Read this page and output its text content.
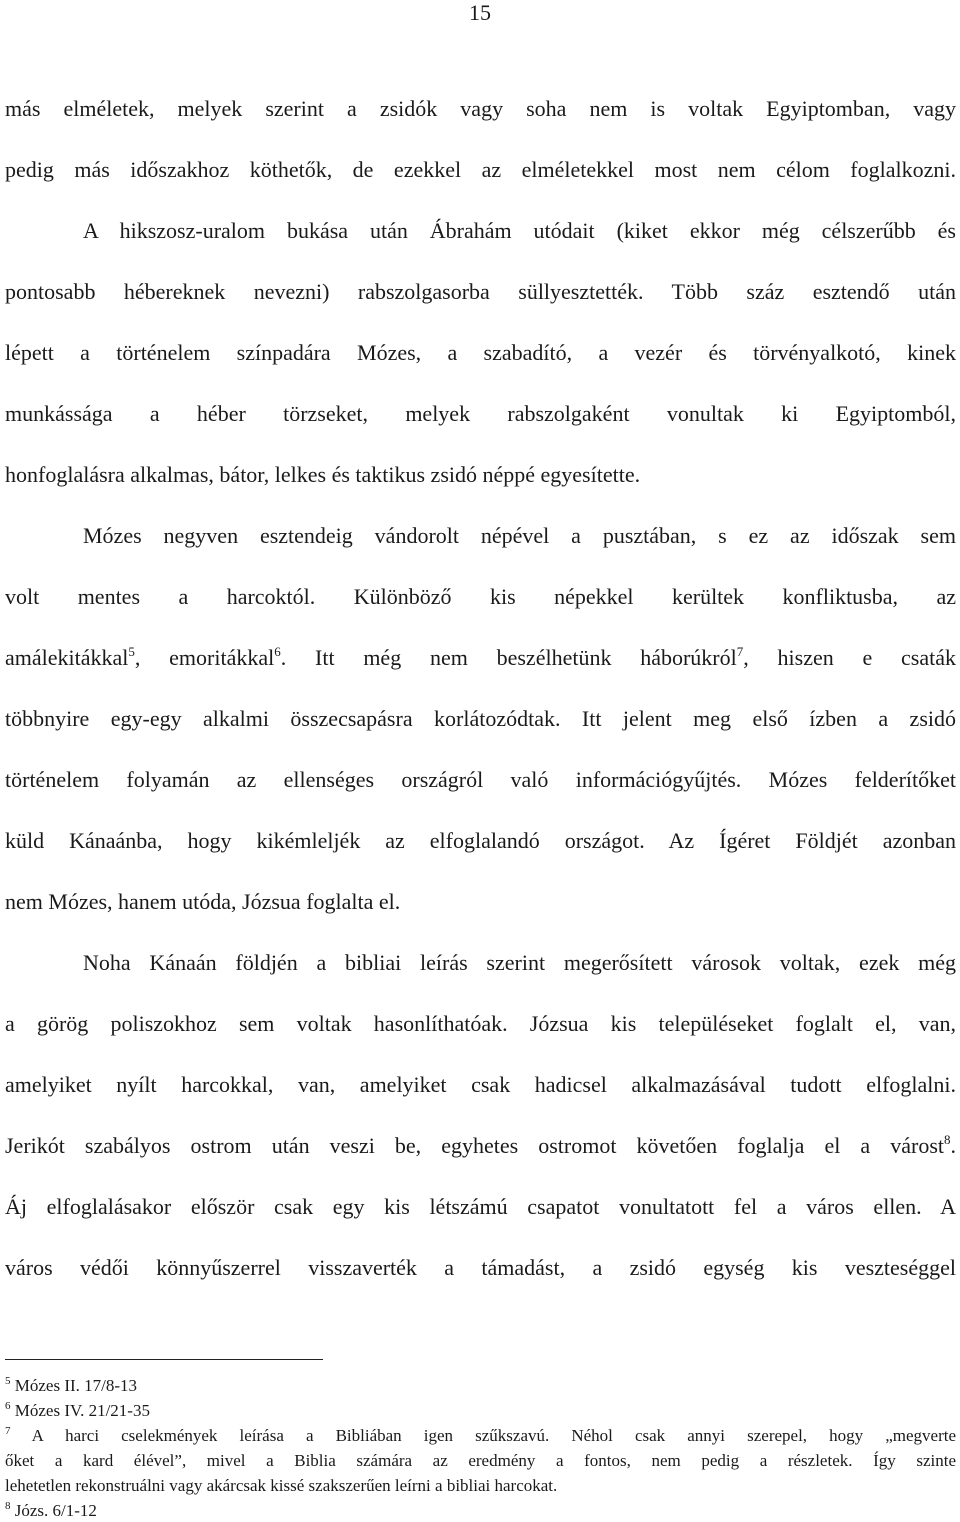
15
más elméletek, melyek szerint a zsidók vagy soha nem is voltak Egyiptomban, vagy
pedig más időszakhoz köthetők, de ezekkel az elméletekkel most nem célom foglalkozni.
A hikszosz-uralom bukása után Ábrahám utódait (kiket ekkor még célszerűbb és
pontosabb hébereknek nevezni) rabszolgasorba süllyesztették. Több száz esztendő után
lépett a történelem színpadára Mózes, a szabadító, a vezér és törvényalkotó, kinek
munkássága a héber törzseket, melyek rabszolgaként vonultak ki Egyiptomból,
honfoglalásra alkalmas, bátor, lelkes és taktikus zsidó néppé egyesítette.
Mózes negyven esztendeig vándorolt népével a pusztában, s ez az időszak sem
volt mentes a harcoktól. Különböző kis népekkel kerültek konfliktusba, az
amálekitákkal$^5$, emoritákkal$^6$. Itt még nem beszélhetünk háborúkról$^7$, hiszen e csaták
többnyire egy-egy alkalmi összecsapásra korlátozódtak. Itt jelent meg első ízben a zsidó
történelem folyamán az ellenséges országról való információgyűjtés. Mózes felderítőket
küld Kánaánba, hogy kikémleljék az elfoglalandó országot. Az Ígéret Földjét azonban
nem Mózes, hanem utóda, Józsua foglalta el.
Noha Kánaán földjén a bibliai leírás szerint megerősített városok voltak, ezek még
a görög poliszokhoz sem voltak hasonlíthatóak. Józsua kis településeket foglalt el, van,
amelyiket nyílt harcokkal, van, amelyiket csak hadicsel alkalmazásával tudott elfoglalni.
Jerikót szabályos ostrom után veszi be, egyhetes ostromot követően foglalja el a várost$^8$.
Áj elfoglalásakor először csak egy kis létszámú csapatot vonultatott fel a város ellen. A
város védői könnyűszerrel visszaverték a támadást, a zsidó egység kis veszteséggel
$^5$ Mózes II. 17/8-13
$^6$ Mózes IV. 21/21-35
$^7$ A harci cselekmények leírása a Bibliában igen szűkszavú. Néhol csak annyi szerepel, hogy „megverte
őket a kard élével”, mivel a Biblia számára az eredmény a fontos, nem pedig a részletek. Így szinte
lehetetlen rekonstruálni vagy akárcsak kissé szakszerűen leírni a bibliai harcokat.
$^8$ Józs. 6/1-12
